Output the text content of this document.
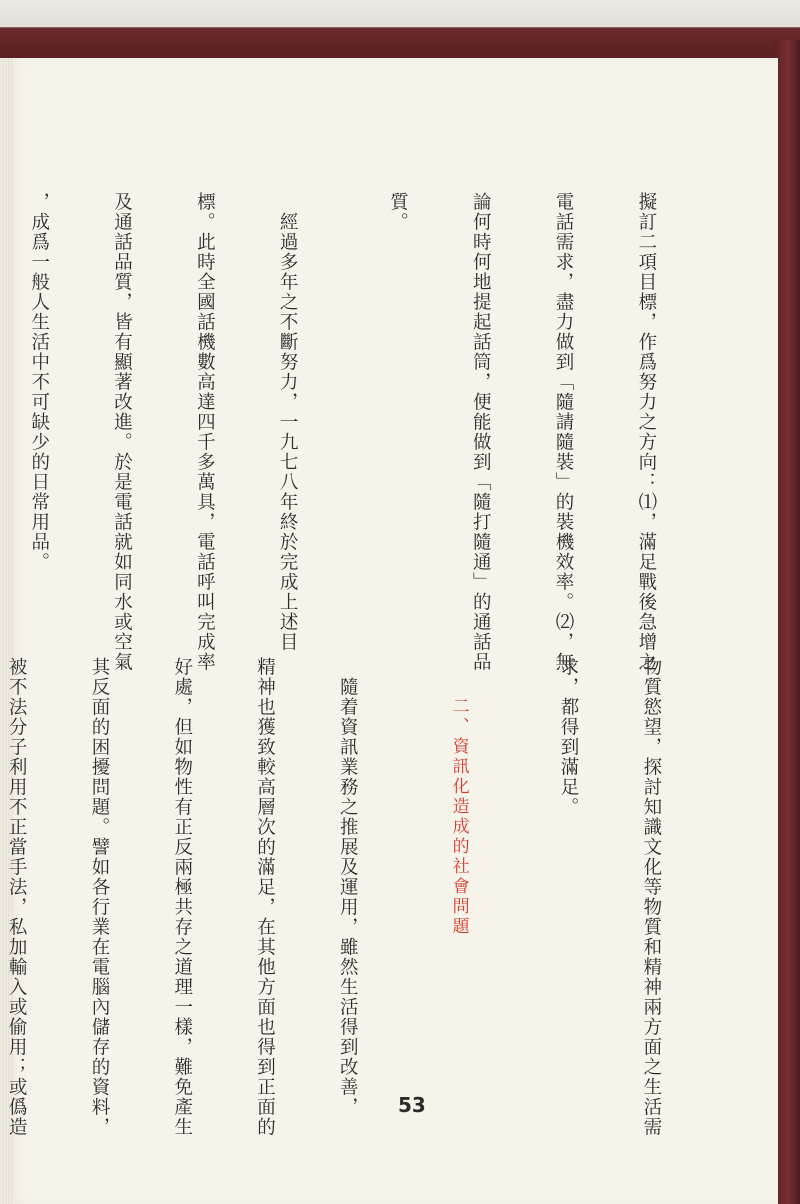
擬訂二項目標，作爲努力之方向：⑴，滿足戰後急增之

電話需求，盡力做到「隨請隨裝」的裝機效率。⑵，無

論何時何地提起話筒，便能做到「隨打隨通」的通話品

質。

　經過多年之不斷努力，一九七八年終於完成上述目

標。此時全國話機數高達四千多萬具，電話呼叫完成率

及通話品質，皆有顯著改進。於是電話就如同水或空氣

，成爲一般人生活中不可缺少的日常用品。

物質慾望，探討知識文化等物質和精神兩方面之生活需

求，都得到滿足。

　　二、資訊化造成的社會問題

　隨着資訊業務之推展及運用，雖然生活得到改善，

精神也獲致較高層次的滿足，在其他方面也得到正面的

好處，但如物性有正反兩極共存之道理一樣，難免產生

其反面的困擾問題。譬如各行業在電腦內儲存的資料，

被不法分子利用不正當手法，私加輸入或偷用；或僞造

	53
